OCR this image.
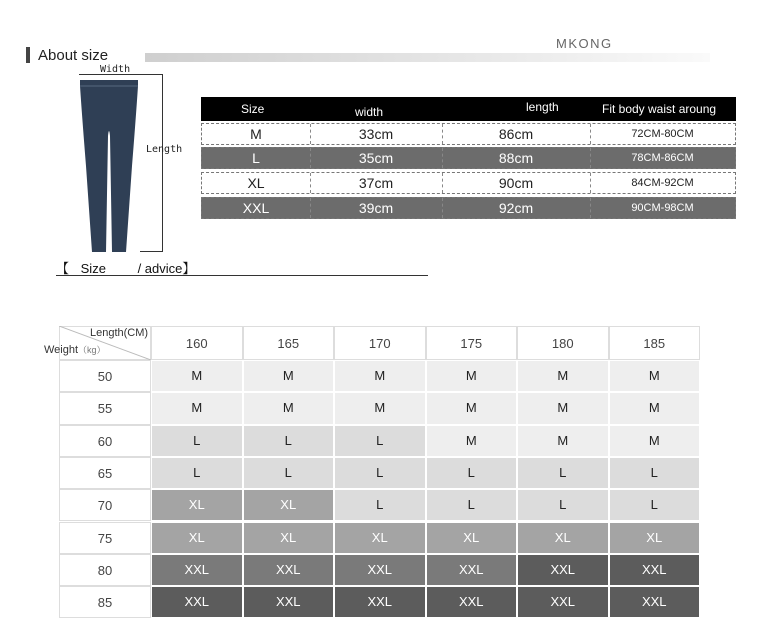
About size
MKONG
Width
Length
【 Size / advice】
Size	width	length	Fit body waist aroung
M	33cm	86cm	72CM-80CM
L	35cm	88cm	78CM-86CM
XL	37cm	90cm	84CM-92CM
XXL	39cm	92cm	90CM-98CM
Length(CM)
Weight（kg）	160	165	170	175	180	185
50	M	M	M	M	M	M
55	M	M	M	M	M	M
60	L	L	L	M	M	M
65	L	L	L	L	L	L
70	XL	XL	L	L	L	L
75	XL	XL	XL	XL	XL	XL
80	XXL	XXL	XXL	XXL	XXL	XXL
85	XXL	XXL	XXL	XXL	XXL	XXL
